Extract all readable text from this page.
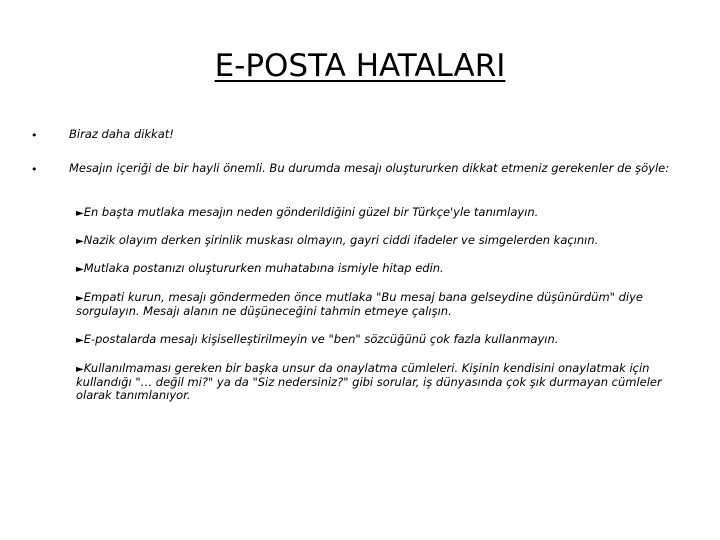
E-POSTA HATALARI
•	Biraz daha dikkat!

•	Mesajın içeriği de bir hayli önemli. Bu durumda mesajı oluştururken dikkat etmeniz gerekenler de şöyle:

►En başta mutlaka mesajın neden gönderildiğini güzel bir Türkçe'yle tanımlayın.

►Nazik olayım derken şirinlik muskası olmayın, gayri ciddi ifadeler ve simgelerden kaçının.

►Mutlaka postanızı oluştururken muhatabına ismiyle hitap edin.

►Empati kurun, mesajı göndermeden önce mutlaka "Bu mesaj bana gelseydine düşünürdüm" diye sorgulayın. Mesajı alanın ne düşüneceğini tahmin etmeye çalışın.

►E-postalarda mesajı kişiselleştirilmeyin ve "ben" sözcüğünü çok fazla kullanmayın.

►Kullanılmaması gereken bir başka unsur da onaylatma cümleleri. Kişinin kendisini onaylatmak için kullandığı "… değil mi?" ya da "Siz nedersiniz?" gibi sorular, iş dünyasında çok şık durmayan cümleler olarak tanımlanıyor.
